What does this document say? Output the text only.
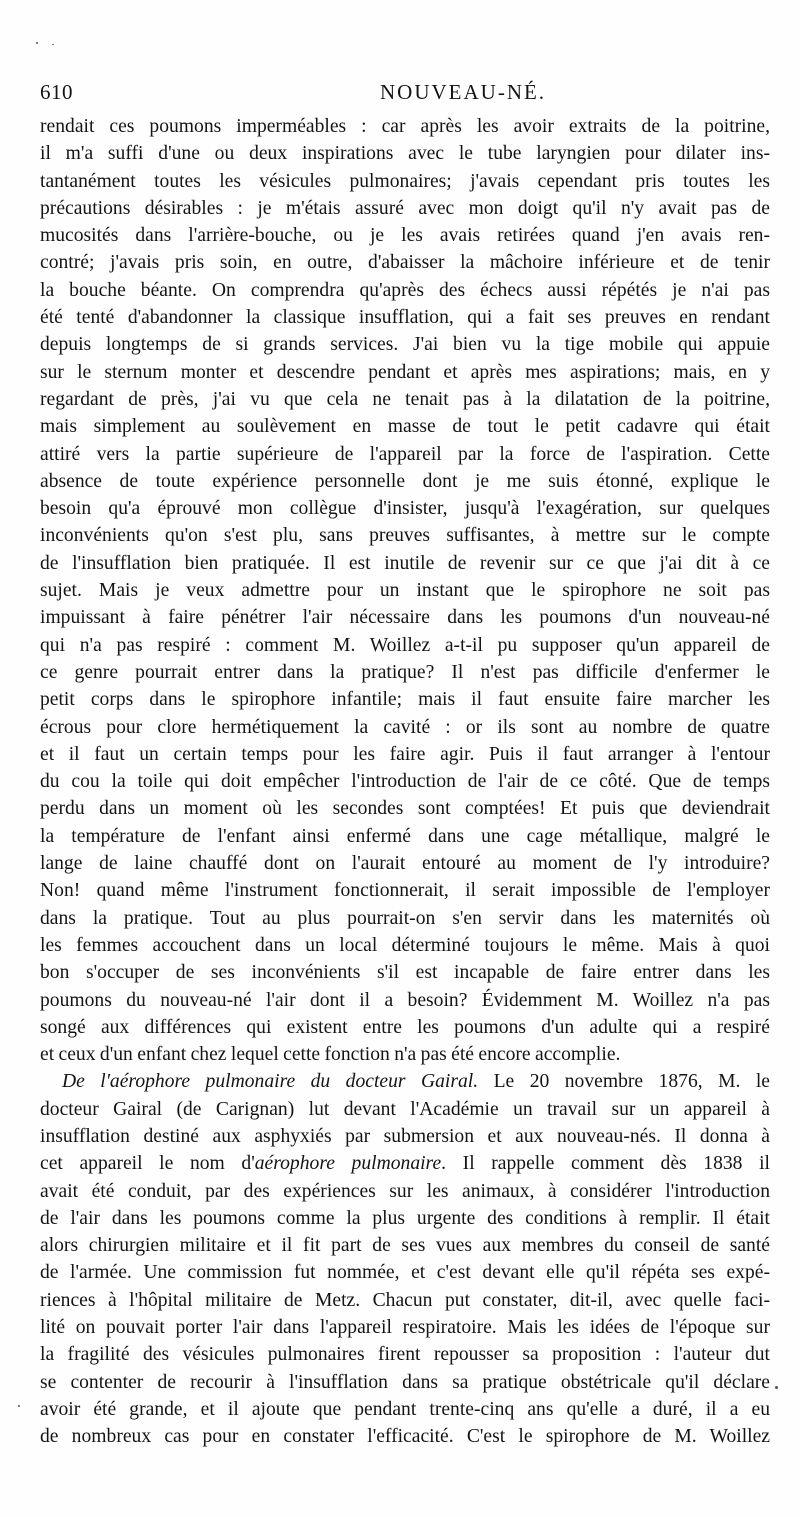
610	NOUVEAU-NÉ.
rendait ces poumons imperméables : car après les avoir extraits de la poitrine,
il m'a suffi d'une ou deux inspirations avec le tube laryngien pour dilater ins-
tantanément toutes les vésicules pulmonaires; j'avais cependant pris toutes les
précautions désirables : je m'étais assuré avec mon doigt qu'il n'y avait pas de
mucosités dans l'arrière-bouche, ou je les avais retirées quand j'en avais ren-
contré; j'avais pris soin, en outre, d'abaisser la mâchoire inférieure et de tenir
la bouche béante. On comprendra qu'après des échecs aussi répétés je n'ai pas
été tenté d'abandonner la classique insufflation, qui a fait ses preuves en rendant
depuis longtemps de si grands services. J'ai bien vu la tige mobile qui appuie
sur le sternum monter et descendre pendant et après mes aspirations; mais, en y
regardant de près, j'ai vu que cela ne tenait pas à la dilatation de la poitrine,
mais simplement au soulèvement en masse de tout le petit cadavre qui était
attiré vers la partie supérieure de l'appareil par la force de l'aspiration. Cette
absence de toute expérience personnelle dont je me suis étonné, explique le
besoin qu'a éprouvé mon collègue d'insister, jusqu'à l'exagération, sur quelques
inconvénients qu'on s'est plu, sans preuves suffisantes, à mettre sur le compte
de l'insufflation bien pratiquée. Il est inutile de revenir sur ce que j'ai dit à ce
sujet. Mais je veux admettre pour un instant que le spirophore ne soit pas
impuissant à faire pénétrer l'air nécessaire dans les poumons d'un nouveau-né
qui n'a pas respiré : comment M. Woillez a-t-il pu supposer qu'un appareil de
ce genre pourrait entrer dans la pratique? Il n'est pas difficile d'enfermer le
petit corps dans le spirophore infantile; mais il faut ensuite faire marcher les
écrous pour clore hermétiquement la cavité : or ils sont au nombre de quatre
et il faut un certain temps pour les faire agir. Puis il faut arranger à l'entour
du cou la toile qui doit empêcher l'introduction de l'air de ce côté. Que de temps
perdu dans un moment où les secondes sont comptées! Et puis que deviendrait
la température de l'enfant ainsi enfermé dans une cage métallique, malgré le
lange de laine chauffé dont on l'aurait entouré au moment de l'y introduire?
Non! quand même l'instrument fonctionnerait, il serait impossible de l'employer
dans la pratique. Tout au plus pourrait-on s'en servir dans les maternités où
les femmes accouchent dans un local déterminé toujours le même. Mais à quoi
bon s'occuper de ses inconvénients s'il est incapable de faire entrer dans les
poumons du nouveau-né l'air dont il a besoin? Évidemment M. Woillez n'a pas
songé aux différences qui existent entre les poumons d'un adulte qui a respiré
et ceux d'un enfant chez lequel cette fonction n'a pas été encore accomplie.
De l'aérophore pulmonaire du docteur Gairal. Le 20 novembre 1876, M. le
docteur Gairal (de Carignan) lut devant l'Académie un travail sur un appareil à
insufflation destiné aux asphyxiés par submersion et aux nouveau-nés. Il donna à
cet appareil le nom d'aérophore pulmonaire. Il rappelle comment dès 1838 il
avait été conduit, par des expériences sur les animaux, à considérer l'introduction
de l'air dans les poumons comme la plus urgente des conditions à remplir. Il était
alors chirurgien militaire et il fit part de ses vues aux membres du conseil de santé
de l'armée. Une commission fut nommée, et c'est devant elle qu'il répéta ses expé-
riences à l'hôpital militaire de Metz. Chacun put constater, dit-il, avec quelle faci-
lité on pouvait porter l'air dans l'appareil respiratoire. Mais les idées de l'époque sur
la fragilité des vésicules pulmonaires firent repousser sa proposition : l'auteur dut
se contenter de recourir à l'insufflation dans sa pratique obstétricale qu'il déclare
avoir été grande, et il ajoute que pendant trente-cinq ans qu'elle a duré, il a eu
de nombreux cas pour en constater l'efficacité. C'est le spirophore de M. Woillez
